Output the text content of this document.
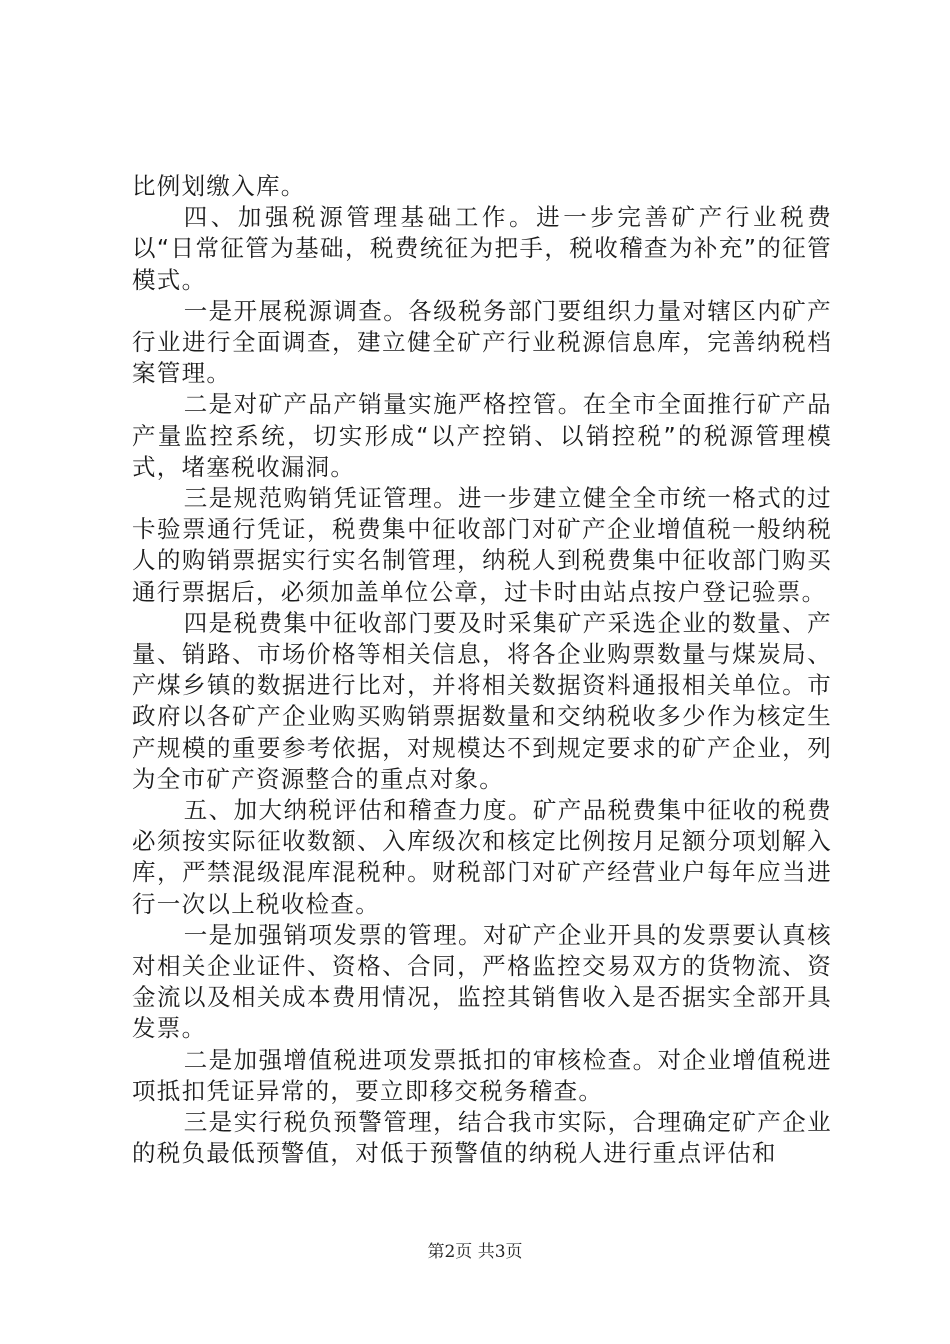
比例划缴入库。

四、加强税源管理基础工作。进一步完善矿产行业税费以“日常征管为基础，税费统征为把手，税收稽查为补充”的征管模式。

一是开展税源调查。各级税务部门要组织力量对辖区内矿产行业进行全面调查，建立健全矿产行业税源信息库，完善纳税档案管理。

二是对矿产品产销量实施严格控管。在全市全面推行矿产品产量监控系统，切实形成“以产控销、以销控税”的税源管理模式，堵塞税收漏洞。

三是规范购销凭证管理。进一步建立健全全市统一格式的过卡验票通行凭证，税费集中征收部门对矿产企业增值税一般纳税人的购销票据实行实名制管理，纳税人到税费集中征收部门购买通行票据后，必须加盖单位公章，过卡时由站点按户登记验票。

四是税费集中征收部门要及时采集矿产采选企业的数量、产量、销路、市场价格等相关信息，将各企业购票数量与煤炭局、产煤乡镇的数据进行比对，并将相关数据资料通报相关单位。市政府以各矿产企业购买购销票据数量和交纳税收多少作为核定生产规模的重要参考依据，对规模达不到规定要求的矿产企业，列为全市矿产资源整合的重点对象。

五、加大纳税评估和稽查力度。矿产品税费集中征收的税费必须按实际征收数额、入库级次和核定比例按月足额分项划解入库，严禁混级混库混税种。财税部门对矿产经营业户每年应当进行一次以上税收检查。

一是加强销项发票的管理。对矿产企业开具的发票要认真核对相关企业证件、资格、合同，严格监控交易双方的货物流、资金流以及相关成本费用情况，监控其销售收入是否据实全部开具发票。

二是加强增值税进项发票抵扣的审核检查。对企业增值税进项抵扣凭证异常的，要立即移交税务稽查。

三是实行税负预警管理，结合我市实际，合理确定矿产企业的税负最低预警值，对低于预警值的纳税人进行重点评估和

第2页 共3页
